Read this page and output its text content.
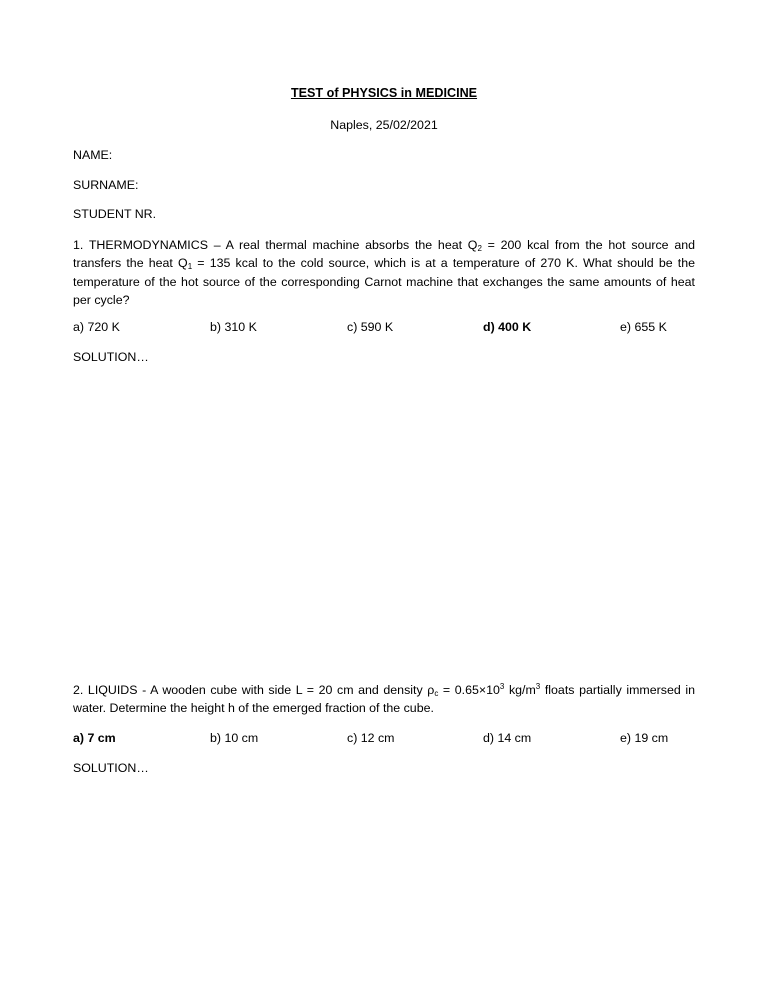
TEST of PHYSICS in MEDICINE
Naples, 25/02/2021
NAME:
SURNAME:
STUDENT NR.
1. THERMODYNAMICS – A real thermal machine absorbs the heat $Q_2 = 200$ kcal from the hot source and transfers the heat $Q_1 = 135$ kcal to the cold source, which is at a temperature of 270 K. What should be the temperature of the hot source of the corresponding Carnot machine that exchanges the same amounts of heat per cycle?
a) 720 K	b) 310 K	c) 590 K	d) 400 K	e) 655 K
SOLUTION…
2. LIQUIDS - A wooden cube with side L = 20 cm and density $\rho_c = 0.65\times 10^3$ $kg/m^3$ floats partially immersed in water. Determine the height h of the emerged fraction of the cube.
a) 7 cm	b) 10 cm	c) 12 cm	d) 14 cm	e) 19 cm
SOLUTION…
